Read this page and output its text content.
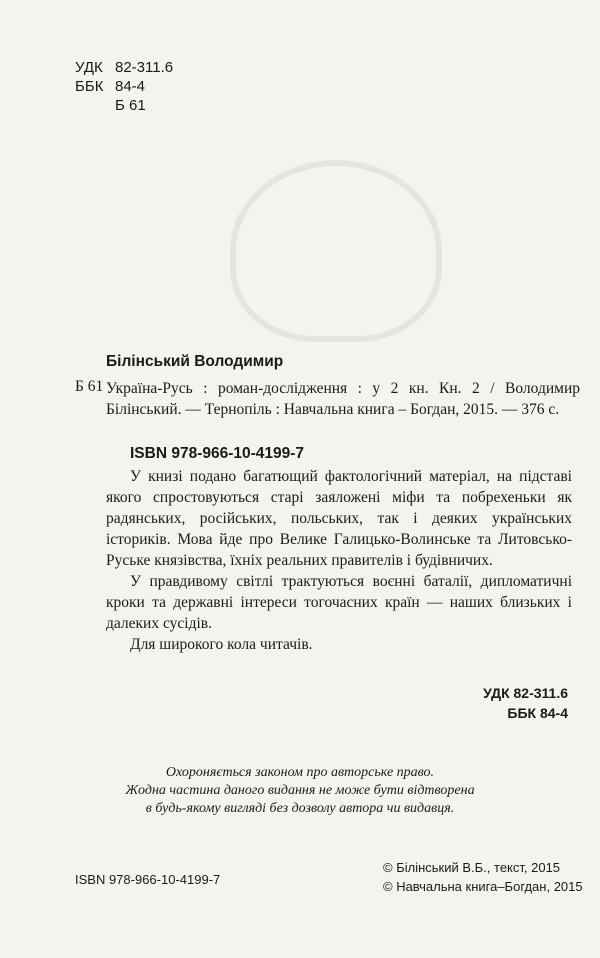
УДК 82-311.6
ББК 84-4
Б 61
Білінський Володимир
Б 61 Україна-Русь : роман-дослідження : у 2 кн. Кн. 2 / Володимир Білінський. — Тернопіль : Навчальна книга – Богдан, 2015. — 376 с.
ISBN 978-966-10-4199-7

У книзі подано багатющий фактологічний матеріал, на підставі якого спростовуються старі заяложені міфи та побрехеньки як радянських, російських, польських, так і деяких українських істориків. Мова йде про Велике Галицько-Волинське та Литовсько-Руське князівства, їхніх реальних правителів і будівничих.

У правдивому світлі трактуються воєнні баталії, дипломатичні кроки та державні інтереси тогочасних країн — наших близьких і далеких сусідів.

Для широкого кола читачів.

УДК 82-311.6
ББК 84-4
Охороняється законом про авторське право.
Жодна частина даного видання не може бути відтворена
в будь-якому вигляді без дозволу автора чи видавця.
ISBN 978-966-10-4199-7
© Білінський В.Б., текст, 2015
© Навчальна книга–Богдан, 2015
